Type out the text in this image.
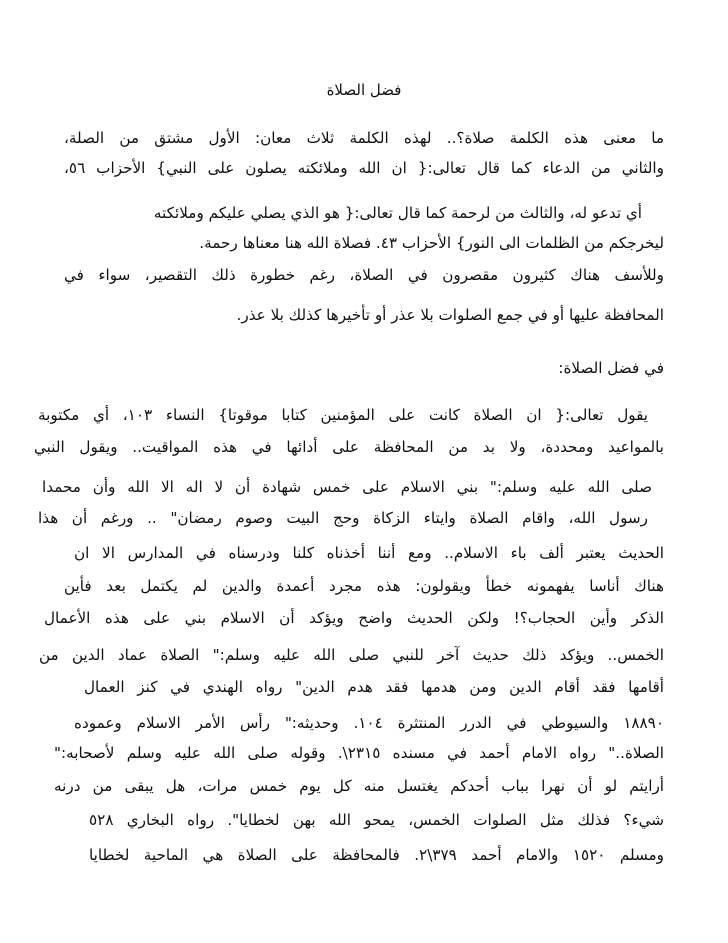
فضل الصلاة
ما معنى هذه الكلمة صلاة؟.. لهذه الكلمة ثلاث معان: الأول مشتق من الصلة،
والثاني من الدعاء كما قال تعالى:{ ان الله وملائكته يصلون على النبي} الأحزاب ٥٦،
أي تدعو له، والثالث من لرحمة كما قال تعالى:{ هو الذي يصلي عليكم وملائكته
ليخرجكم من الظلمات الى النور} الأحزاب ٤٣. فصلاة الله هنا معناها رحمة.
وللأسف هناك كثيرون مقصرون في الصلاة، رغم خطورة ذلك التقصير، سواء في
المحافظة عليها أو في جمع الصلوات بلا عذر أو تأخيرها كذلك بلا عذر.
في فضل الصلاة:
يقول تعالى:{ ان الصلاة كانت على المؤمنين كتابا موقوتا} النساء ١٠٣، أي مكتوبة
بالمواعيد ومحددة، ولا بد من المحافظة على أدائها في هذه المواقيت.. ويقول النبي
صلى الله عليه وسلم:" بني الاسلام على خمس شهادة أن لا اله الا الله وأن محمدا
رسول الله، واقام الصلاة وايتاء الزكاة وحج البيت وصوم رمضان" .. ورغم أن هذا
الحديث يعتبر ألف باء الاسلام.. ومع أننا أخذناه كلنا ودرسناه في المدارس الا ان
هناك أناسا يفهمونه خطأ ويقولون: هذه مجرد أعمدة والدين لم يكتمل بعد فأين
الذكر وأين الحجاب؟! ولكن الحديث واضح ويؤكد أن الاسلام بني على هذه الأعمال
الخمس.. ويؤكد ذلك حديث آخر للنبي صلى الله عليه وسلم:" الصلاة عماد الدين من
أقامها فقد أقام الدين ومن هدمها فقد هدم الدين" رواه الهندي في كنز العمال
١٨٨٩٠ والسيوطي في الدرر المنتثرة ١٠٤. وحديثه:" رأس الأمر الاسلام وعموده
الصلاة.." رواه الامام أحمد في مسنده ٢٣١٥\. وقوله صلى الله عليه وسلم لأصحابه:"
أرايتم لو أن نهرا بباب أحدكم يغتسل منه كل يوم خمس مرات، هل يبقى من درنه
شيء؟ فذلك مثل الصلوات الخمس، يمحو الله بهن لخطايا". رواه البخاري ٥٢٨
ومسلم ١٥٢٠ والامام أحمد ٣٧٩\٢. فالمحافظة على الصلاة هي الماحية لخطايا
